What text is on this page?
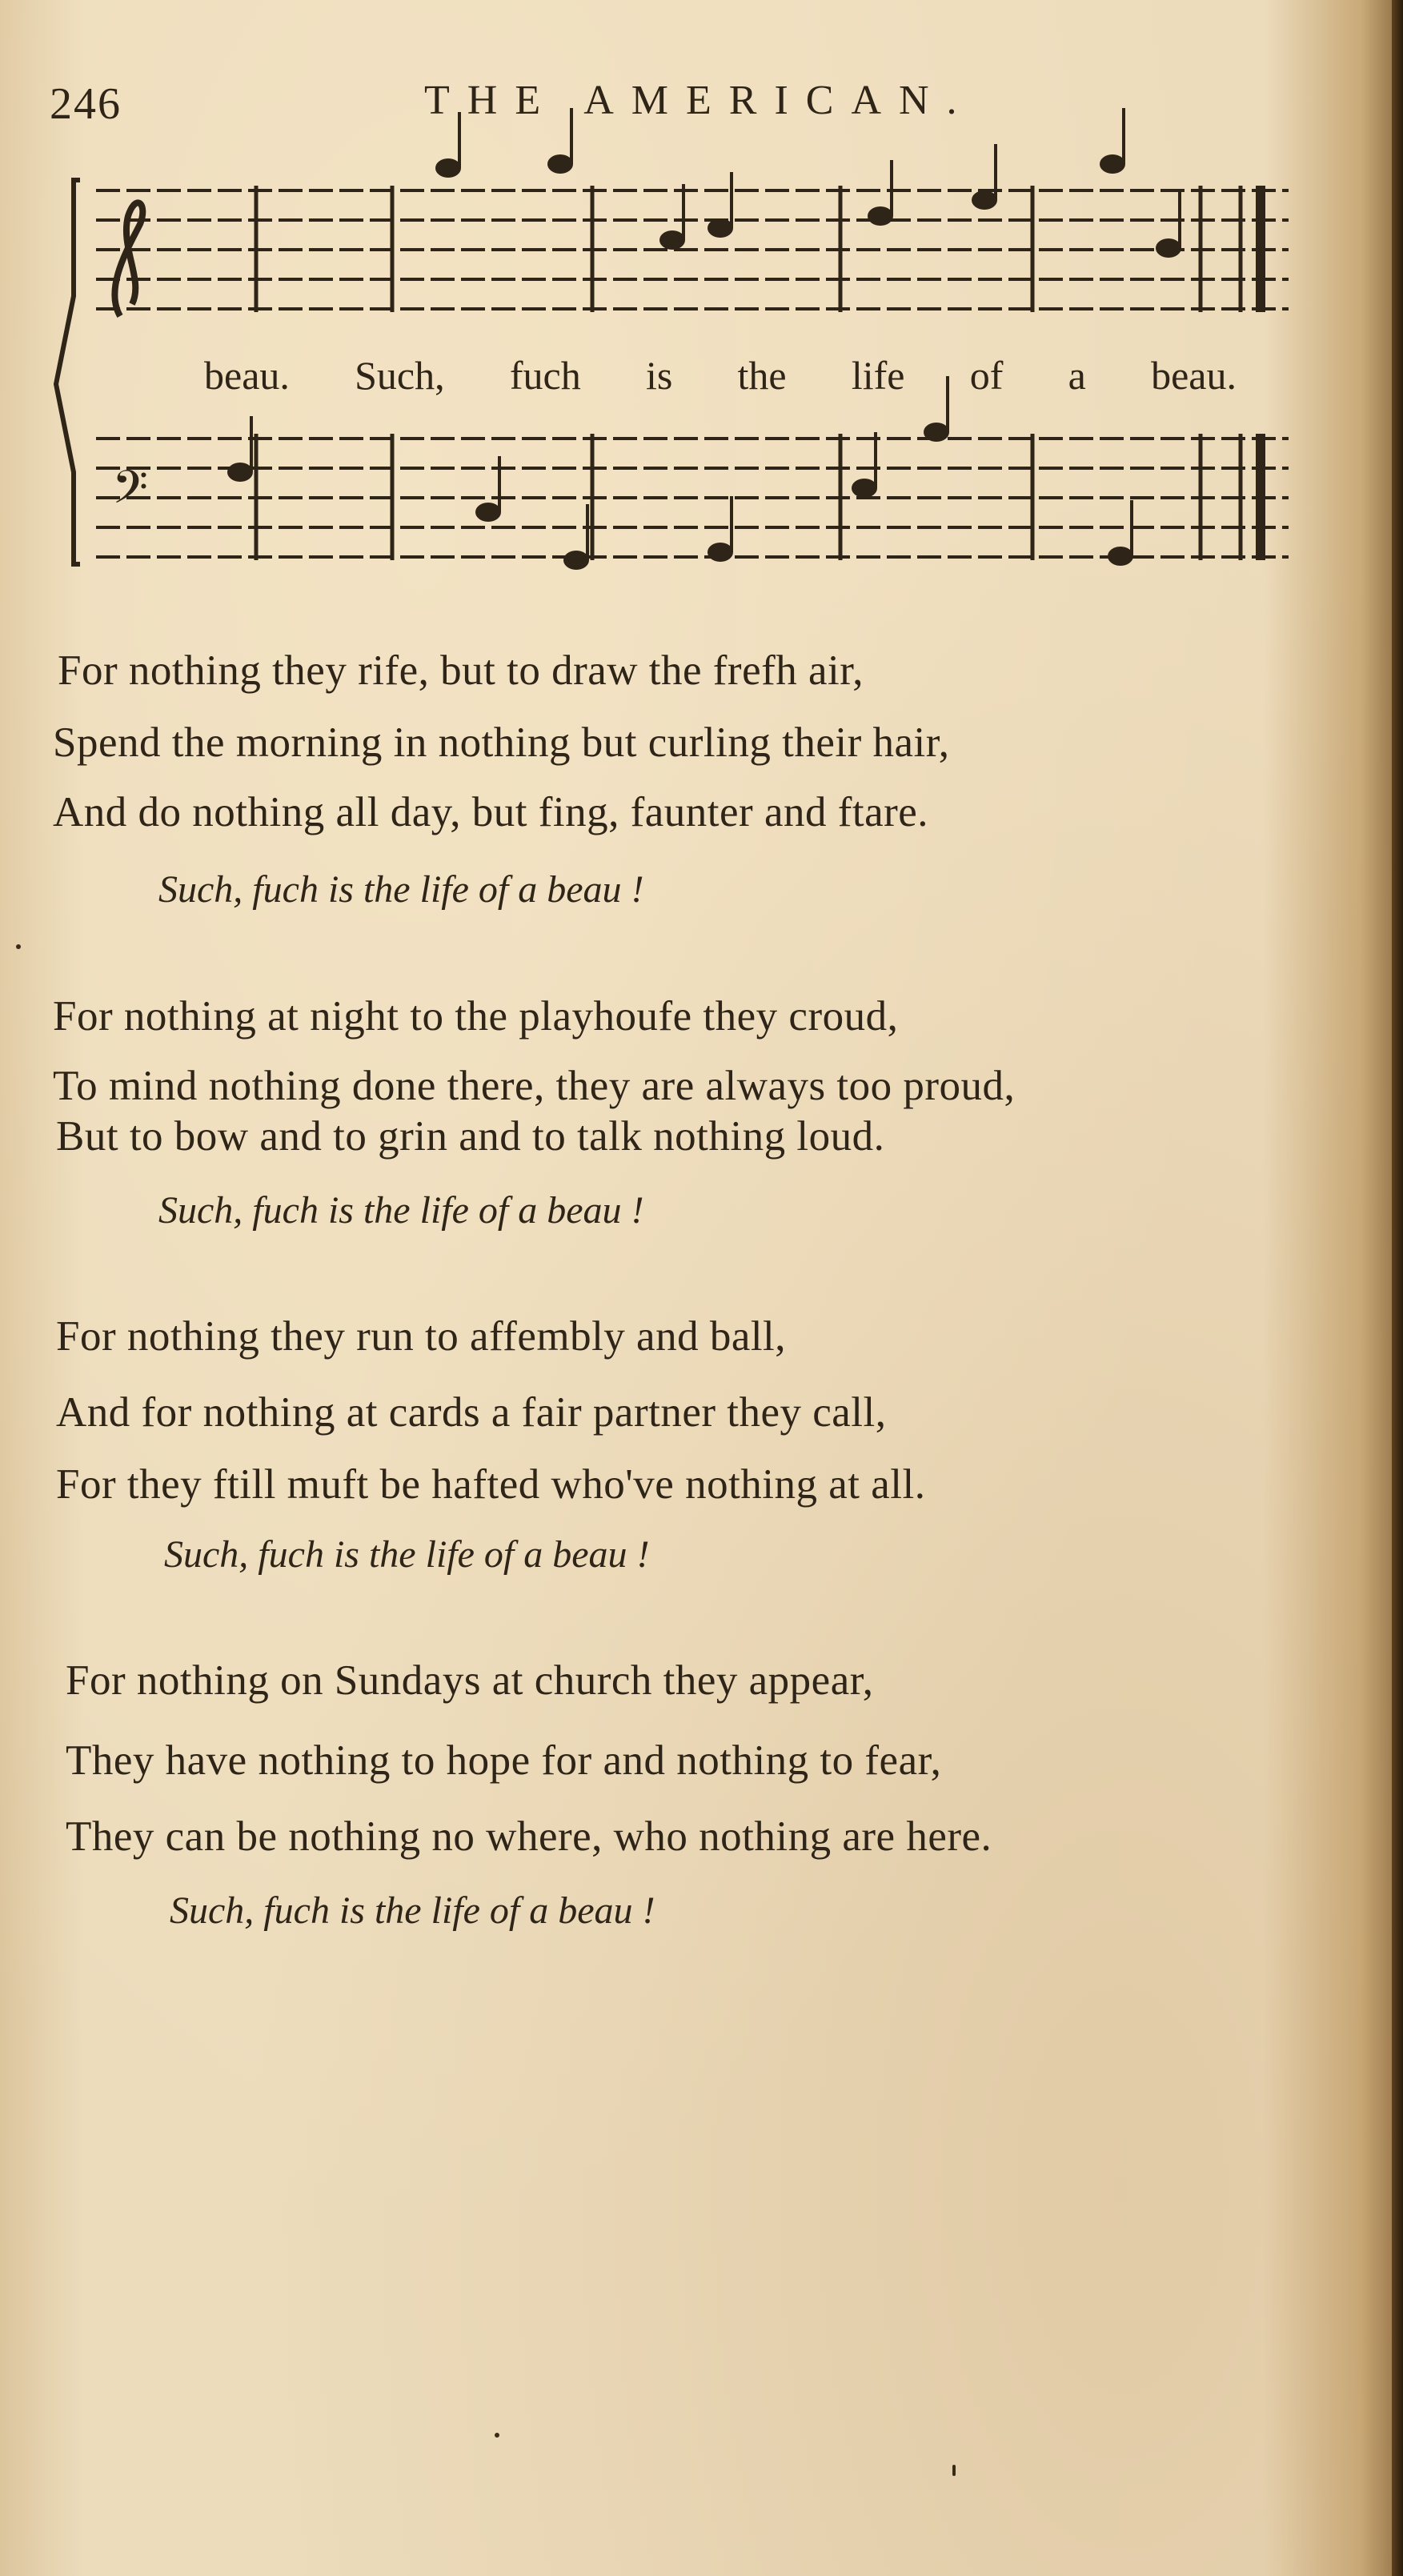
246	THE AMERICAN.
𝄢
beau. Such, fuch is the life of a beau.
For nothing they rife, but to draw the frefh air,
Spend the morning in nothing but curling their hair,
And do nothing all day, but fing, faunter and ftare.
Such, fuch is the life of a beau !
For nothing at night to the playhoufe they croud,
To mind nothing done there, they are always too proud,
But to bow and to grin and to talk nothing loud.
Such, fuch is the life of a beau !
For nothing they run to affembly and ball,
And for nothing at cards a fair partner they call,
For they ftill muft be hafted who've nothing at all.
Such, fuch is the life of a beau !
For nothing on Sundays at church they appear,
They have nothing to hope for and nothing to fear,
They can be nothing no where, who nothing are here.
Such, fuch is the life of a beau !
